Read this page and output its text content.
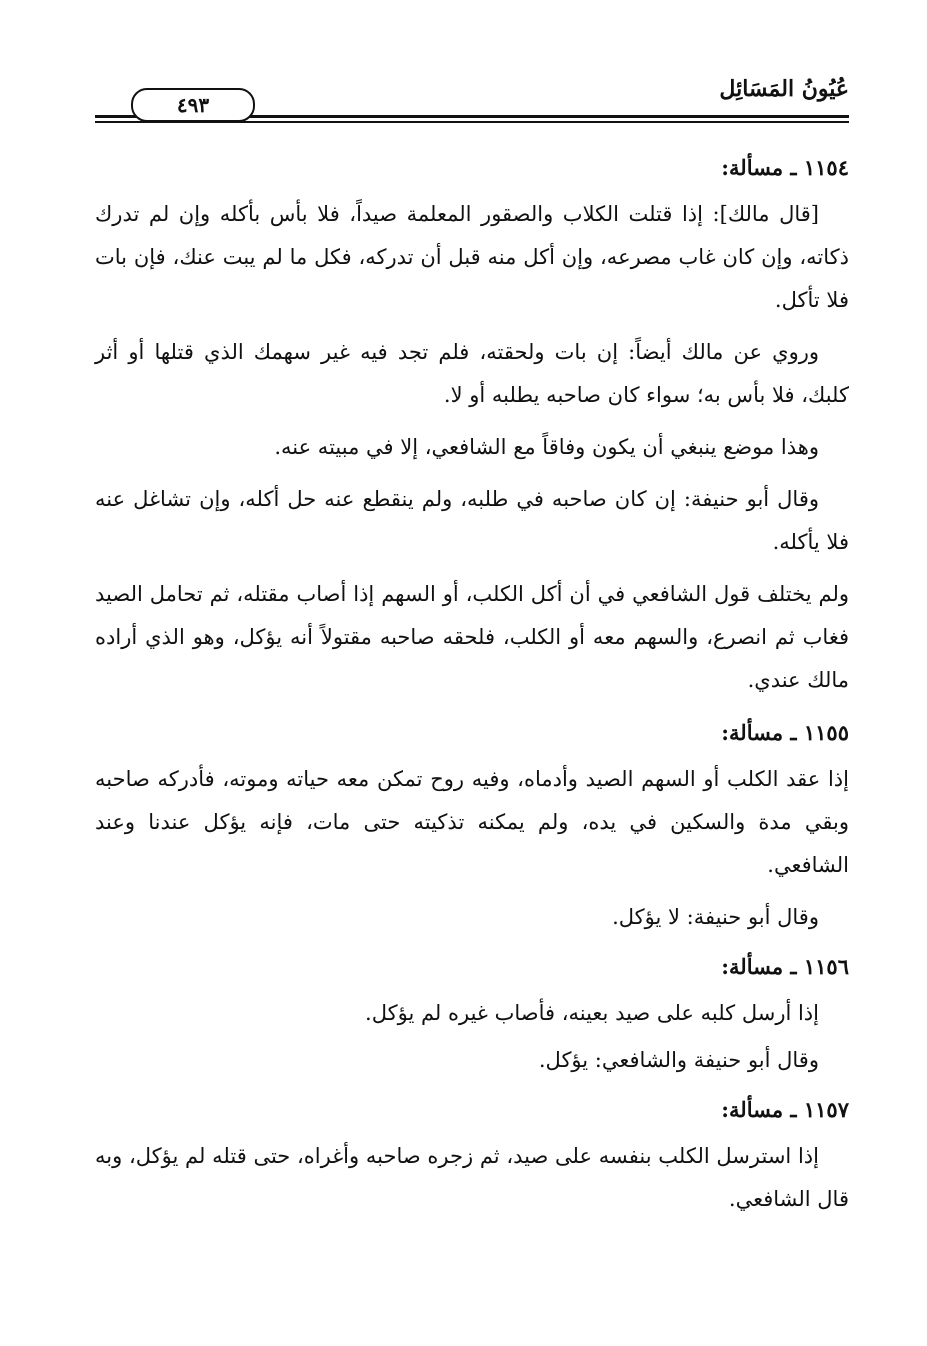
عُيُونُ المَسَائِل
٤٩٣
١١٥٤ ـ مسألة:

[قال مالك]: إذا قتلت الكلاب والصقور المعلمة صيداً، فلا بأس بأكله وإن لم تدرك ذكاته، وإن كان غاب مصرعه، وإن أكل منه قبل أن تدركه، فكل ما لم يبت عنك، فإن بات فلا تأكل.

وروي عن مالك أيضاً: إن بات ولحقته، فلم تجد فيه غير سهمك الذي قتلها أو أثر كلبك، فلا بأس به؛ سواء كان صاحبه يطلبه أو لا.

وهذا موضع ينبغي أن يكون وفاقاً مع الشافعي، إلا في مبيته عنه.

وقال أبو حنيفة: إن كان صاحبه في طلبه، ولم ينقطع عنه حل أكله، وإن تشاغل عنه فلا يأكله.

ولم يختلف قول الشافعي في أن أكل الكلب، أو السهم إذا أصاب مقتله، ثم تحامل الصيد فغاب ثم انصرع، والسهم معه أو الكلب، فلحقه صاحبه مقتولاً أنه يؤكل، وهو الذي أراده مالك عندي.

١١٥٥ ـ مسألة:

إذا عقد الكلب أو السهم الصيد وأدماه، وفيه روح تمكن معه حياته وموته، فأدركه صاحبه وبقي مدة والسكين في يده، ولم يمكنه تذكيته حتى مات، فإنه يؤكل عندنا وعند الشافعي.

وقال أبو حنيفة: لا يؤكل.

١١٥٦ ـ مسألة:

إذا أرسل كلبه على صيد بعينه، فأصاب غيره لم يؤكل.

وقال أبو حنيفة والشافعي: يؤكل.

١١٥٧ ـ مسألة:

إذا استرسل الكلب بنفسه على صيد، ثم زجره صاحبه وأغراه، حتى قتله لم يؤكل، وبه قال الشافعي.
